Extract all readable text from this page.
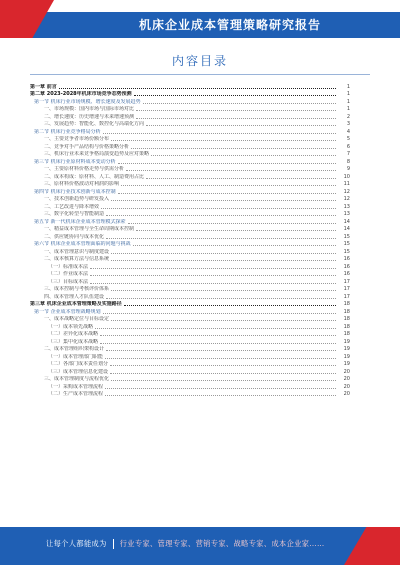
机床企业成本管理策略研究报告
内容目录
第一章 前言	1
第二章 2023-2028年机床市场竞争态势预测	1
第一节 机床行业市场规模、增长速度及发展趋势	1
一、市场规模：国内市场与国际市场对比	1
二、增长速度：历史增速与未来增速预测	2
三、发展趋势：智能化、数控化与高端化方向	3
第二节 机床行业竞争格局分析	4
一、主要竞争者市场份额分布	5
二、竞争对手产品结构与价格策略分析	6
三、机床行业未来竞争格局演变趋势及应对策略	7
第三节 机床行业原材料成本变动分析	8
一、主要原材料价格走势与供需分析	9
二、成本构成：原材料、人工、制造费用占比	10
三、原材料价格波动对利润的影响	11
第四节 机床行业技术创新与成本控制	12
一、技术创新趋势与研发投入	12
二、工艺改进与降本增效	13
三、数字化转型与智能制造	13
第五节 新一代机床企业成本管理模式探索	14
一、精益成本管理与全生命周期成本控制	14
二、供应链协同与成本优化	15
第六节 机床企业成本管理面临的问题与挑战	15
一、成本管理意识与制度建设	15
二、成本核算方法与信息系统	16
（一）标准成本法	16
（二）作业成本法	16
（三）目标成本法	17
三、成本控制与考核评价体系	17
四、成本管理人才队伍建设	17
第三章 机床企业成本管理策略及实施路径	18
第一节 企业成本管理战略规划	18
一、成本战略定位与目标设定	18
（一）成本领先战略	18
（二）差异化成本战略	18
（三）集中化成本战略	19
二、成本管理组织架构设计	19
（一）成本管理部门职能	19
（二）各部门成本责任划分	19
（三）成本管理信息化建设	20
三、成本管理制度与流程优化	20
（一）采购成本管理流程	20
（二）生产成本管理流程	20
让每个人都能成为 行业专家、管理专家、营销专家、战略专家、成本企业家……
